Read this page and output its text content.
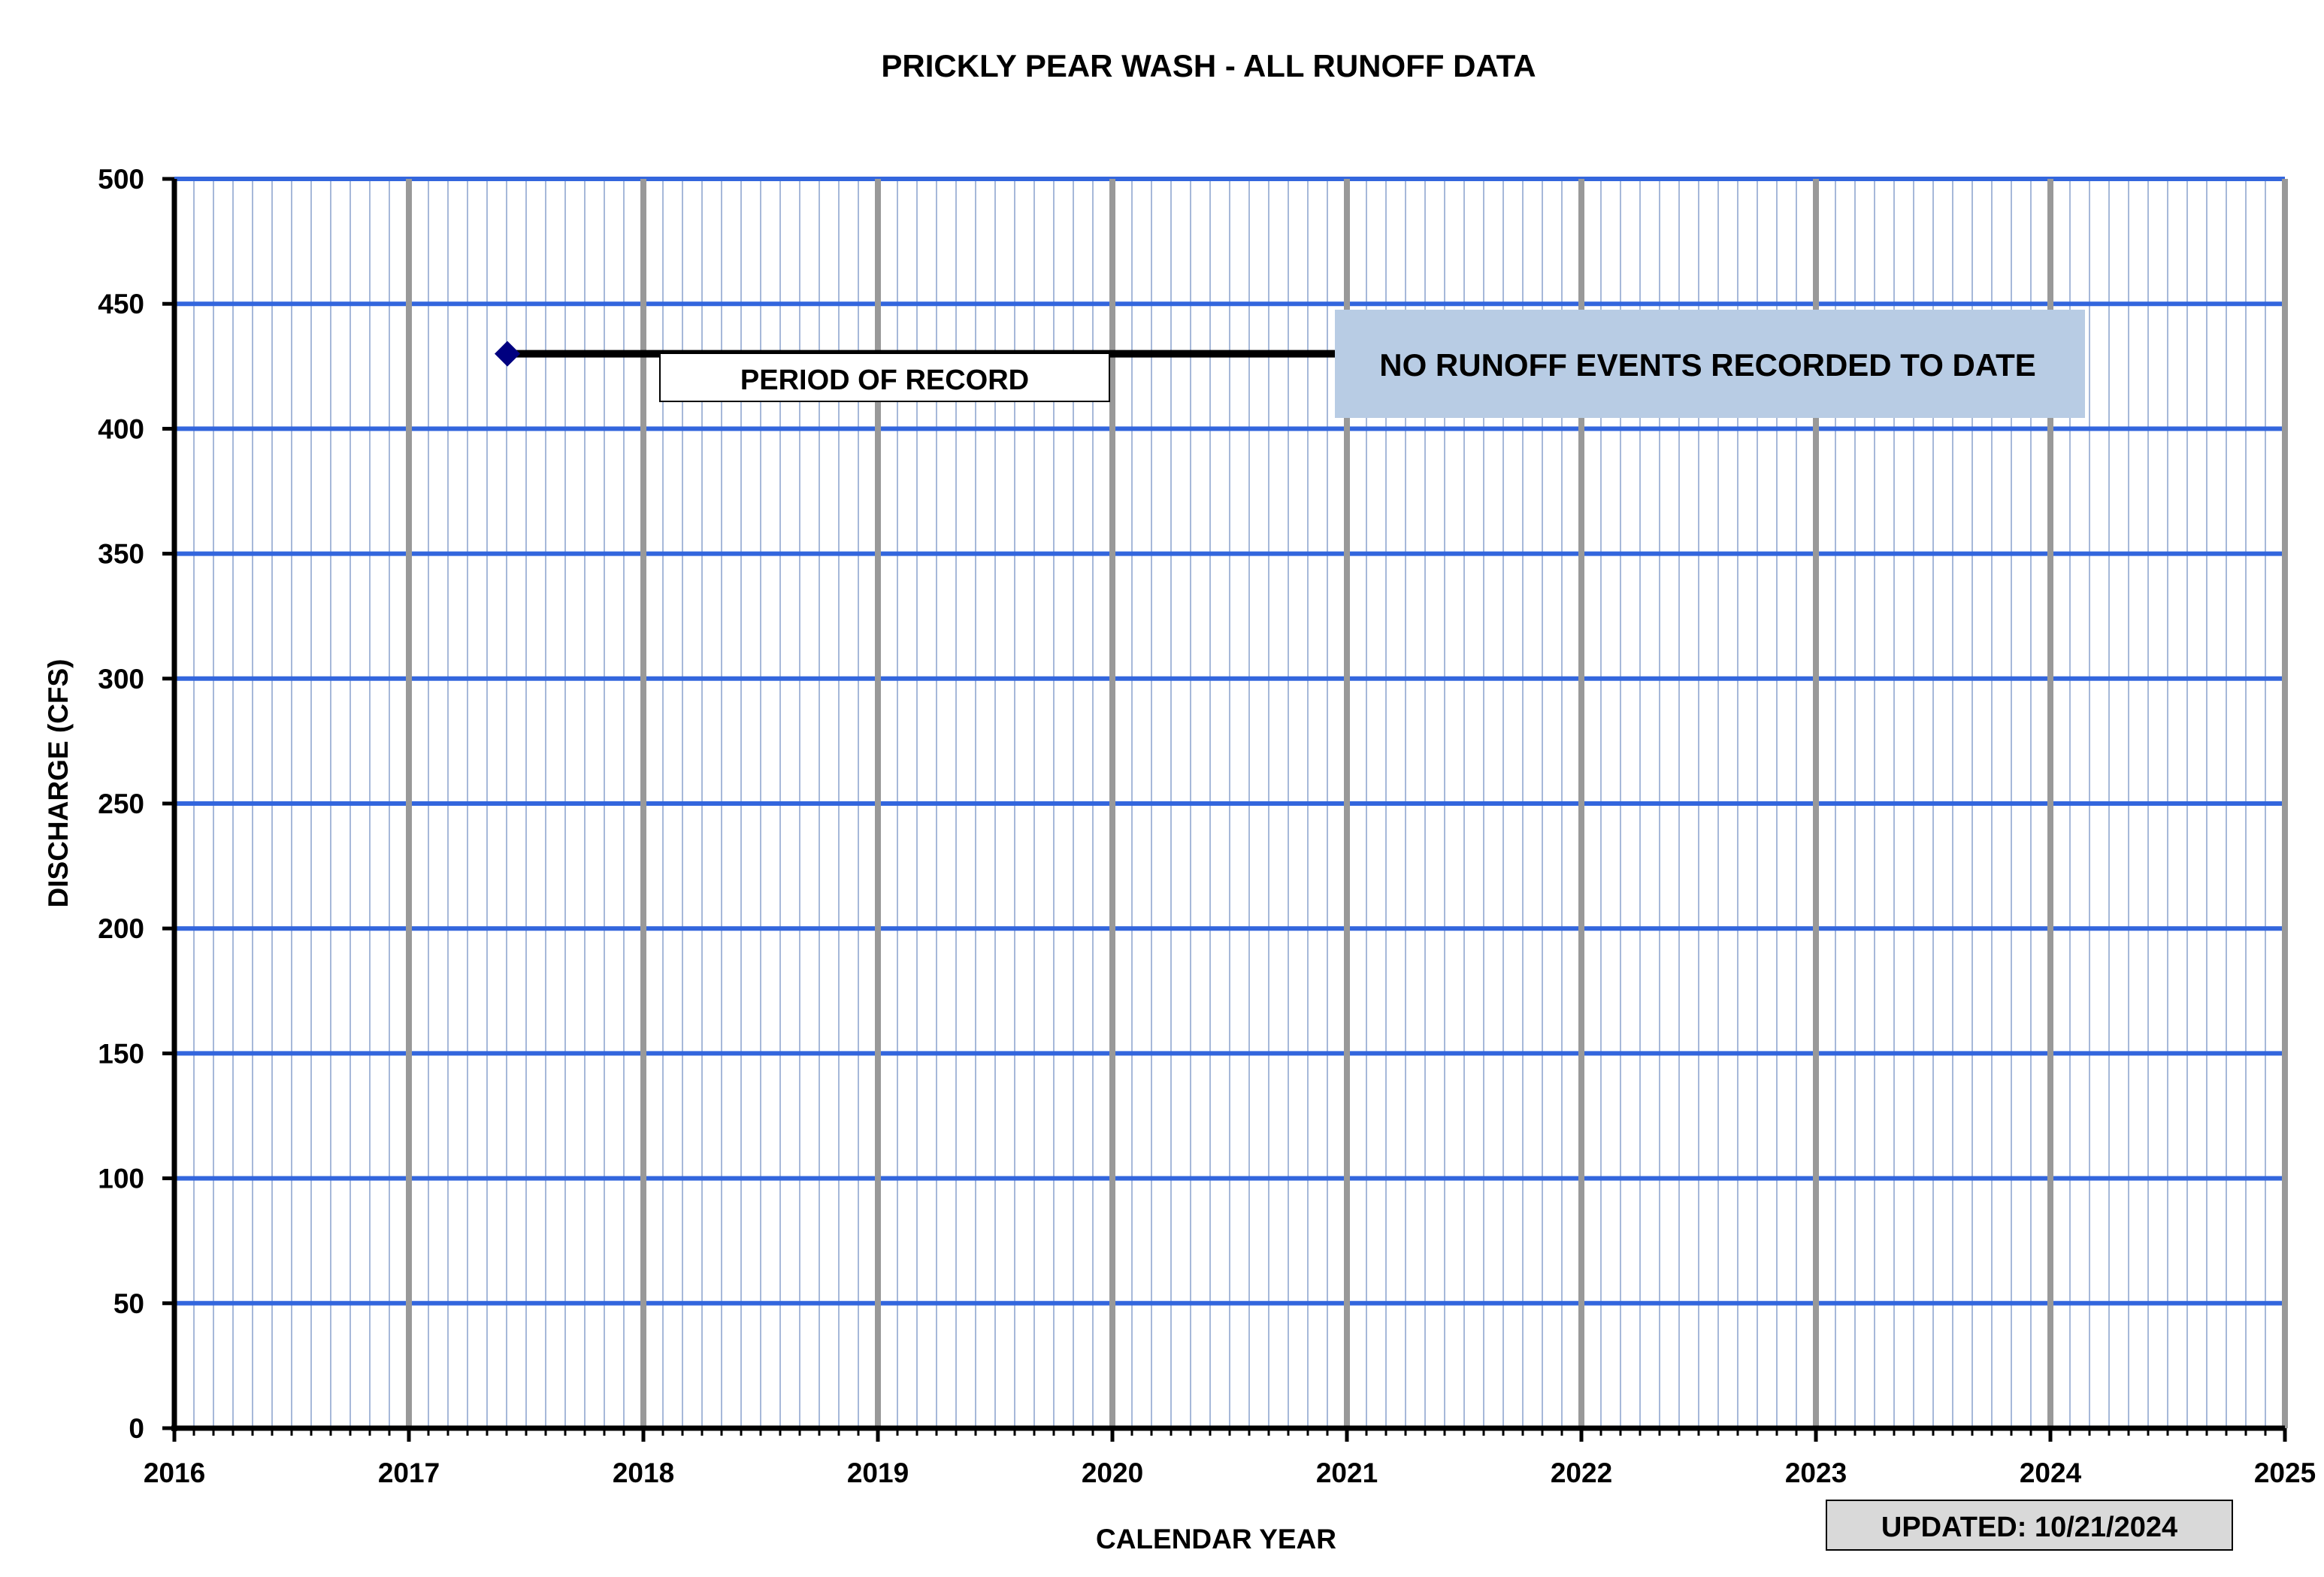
0
50
100
150
200
250
300
350
400
450
500
2016	2017	2018	2019	2020	2021	2022	2023	2024	2025
PRICKLY PEAR WASH - ALL RUNOFF DATA
DISCHARGE (CFS)
CALENDAR YEAR
PERIOD OF RECORD	NO RUNOFF EVENTS RECORDED TO DATE
UPDATED: 10/21/2024
